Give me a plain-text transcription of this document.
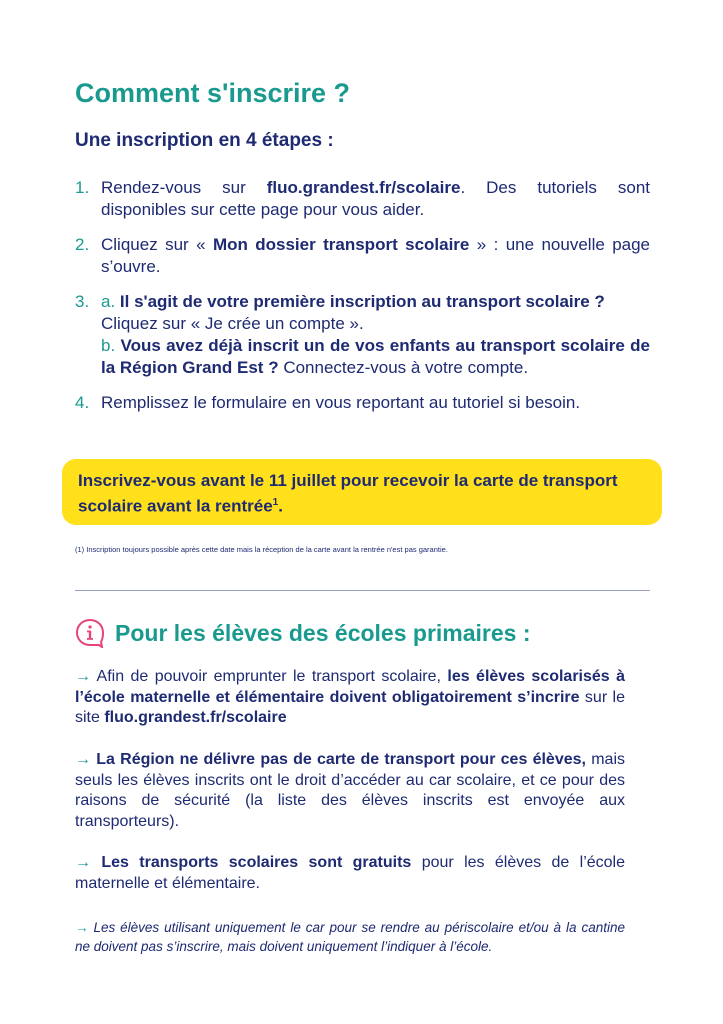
Comment s'inscrire ?
Une inscription en 4 étapes :
1. Rendez-vous sur fluo.grandest.fr/scolaire. Des tutoriels sont disponibles sur cette page pour vous aider.
2. Cliquez sur « Mon dossier transport scolaire » : une nouvelle page s’ouvre.
3. a. Il s'agit de votre première inscription au transport scolaire ?
Cliquez sur « Je crée un compte ».
b. Vous avez déjà inscrit un de vos enfants au transport scolaire de la Région Grand Est ? Connectez-vous à votre compte.
4. Remplissez le formulaire en vous reportant au tutoriel si besoin.
Inscrivez-vous avant le 11 juillet pour recevoir la carte de transport scolaire avant la rentrée$^1$.
(1) Inscription toujours possible après cette date mais la réception de la carte avant la rentrée n'est pas garantie.
Pour les élèves des écoles primaires :
→ Afin de pouvoir emprunter le transport scolaire, les élèves scolarisés à l’école maternelle et élémentaire doivent obligatoirement s’incrire sur le site fluo.grandest.fr/scolaire
→ La Région ne délivre pas de carte de transport pour ces élèves, mais seuls les élèves inscrits ont le droit d’accéder au car scolaire, et ce pour des raisons de sécurité (la liste des élèves inscrits est envoyée aux transporteurs).
→ Les transports scolaires sont gratuits pour les élèves de l’école maternelle et élémentaire.
→ Les élèves utilisant uniquement le car pour se rendre au périscolaire et/ou à la cantine ne doivent pas s’inscrire, mais doivent uniquement l’indiquer à l’école.
